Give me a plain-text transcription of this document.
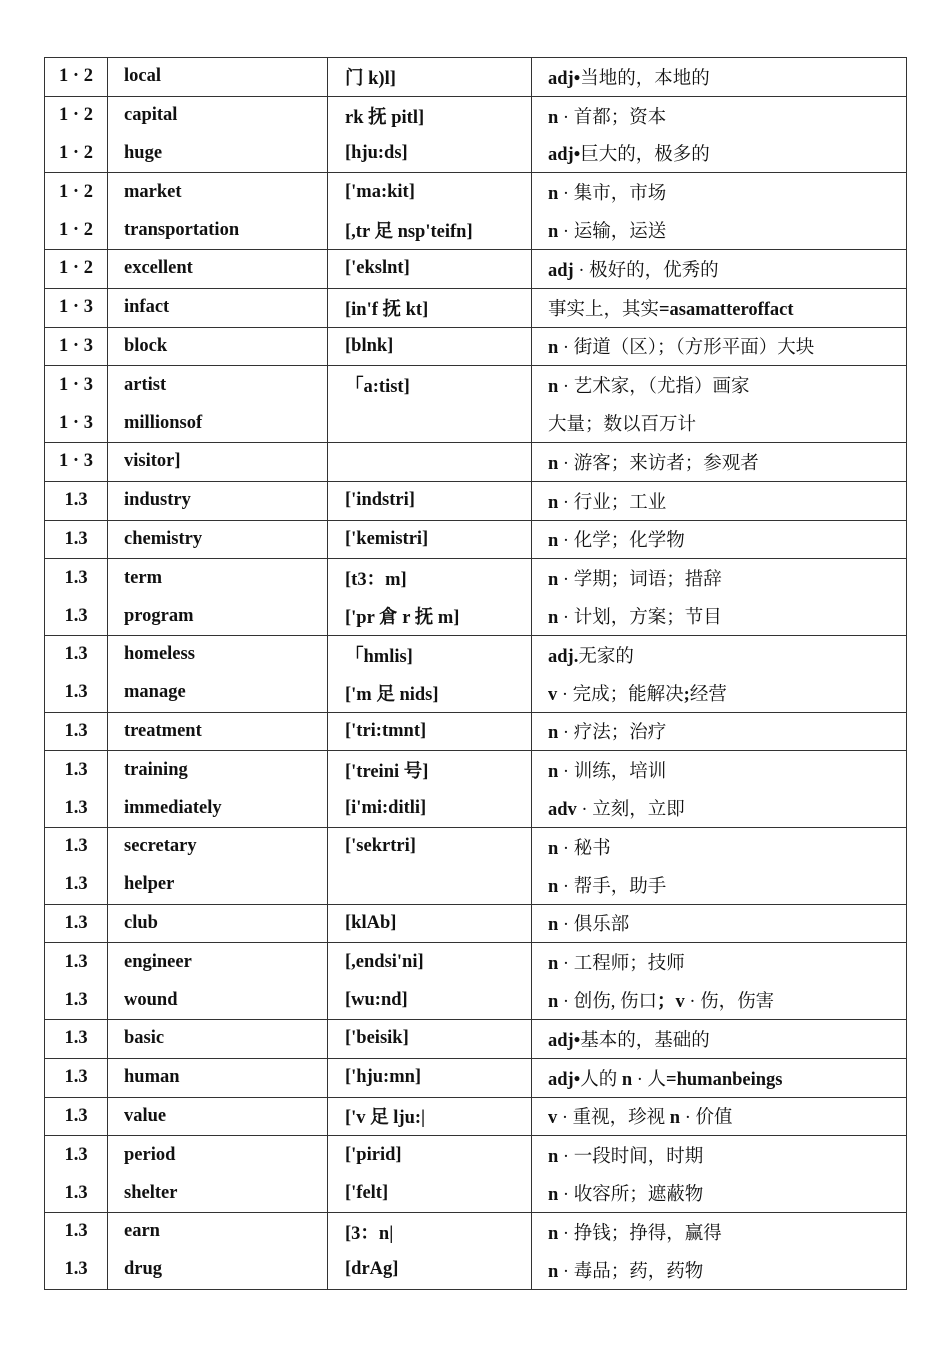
1 · 2	local	门 k)l]	adj•当地的，本地的
1 · 2	capital	rk 抚 pitl]	n · 首都；资本
1 · 2	huge	[hju:ds]	adj•巨大的，极多的
1 · 2	market	['ma:kit]	n · 集市，市场
1 · 2	transportation	[,tr 足 nsp'teifn]	n · 运输，运送
1 · 2	excellent	['ekslnt]	adj · 极好的，优秀的
1 · 3	infact	[in'f 抚 kt]	事实上，其实=asamatteroffact
1 · 3	block	[blnk]	n · 街道（区）；（方形平面）大块
1 · 3	artist	「a:tist]	n · 艺术家，（尤指）画家
1 · 3	millionsof		大量；数以百万计
1 · 3	visitor]		n · 游客；来访者；参观者
1.3	industry	['indstri]	n · 行业；工业
1.3	chemistry	['kemistri]	n · 化学；化学物
1.3	term	[t3：m]	n · 学期；词语；措辞
1.3	program	['pr 倉 r 抚 m]	n · 计划，方案；节目
1.3	homeless	「hmlis]	adj.无家的
1.3	manage	['m 足 nids]	v · 完成；能解决;经营
1.3	treatment	['tri:tmnt]	n · 疗法；治疗
1.3	training	['treini 号]	n · 训练，培训
1.3	immediately	[i'mi:ditli]	adv · 立刻，立即
1.3	secretary	['sekrtri]	n · 秘书
1.3	helper		n · 帮手，助手
1.3	club	[klAb]	n · 俱乐部
1.3	engineer	[,endsi'ni]	n · 工程师；技师
1.3	wound	[wu:nd]	n · 创伤, 伤口；v · 伤，伤害
1.3	basic	['beisik]	adj•基本的，基础的
1.3	human	['hju:mn]	adj•人的 n · 人=humanbeings
1.3	value	['v 足 lju:|	v · 重视，珍视 n · 价值
1.3	period	['pirid]	n · 一段时间，时期
1.3	shelter	['felt]	n · 收容所；遮蔽物
1.3	earn	[3：n|	n · 挣钱；挣得，赢得
1.3	drug	[drAg]	n · 毒品；药，药物
